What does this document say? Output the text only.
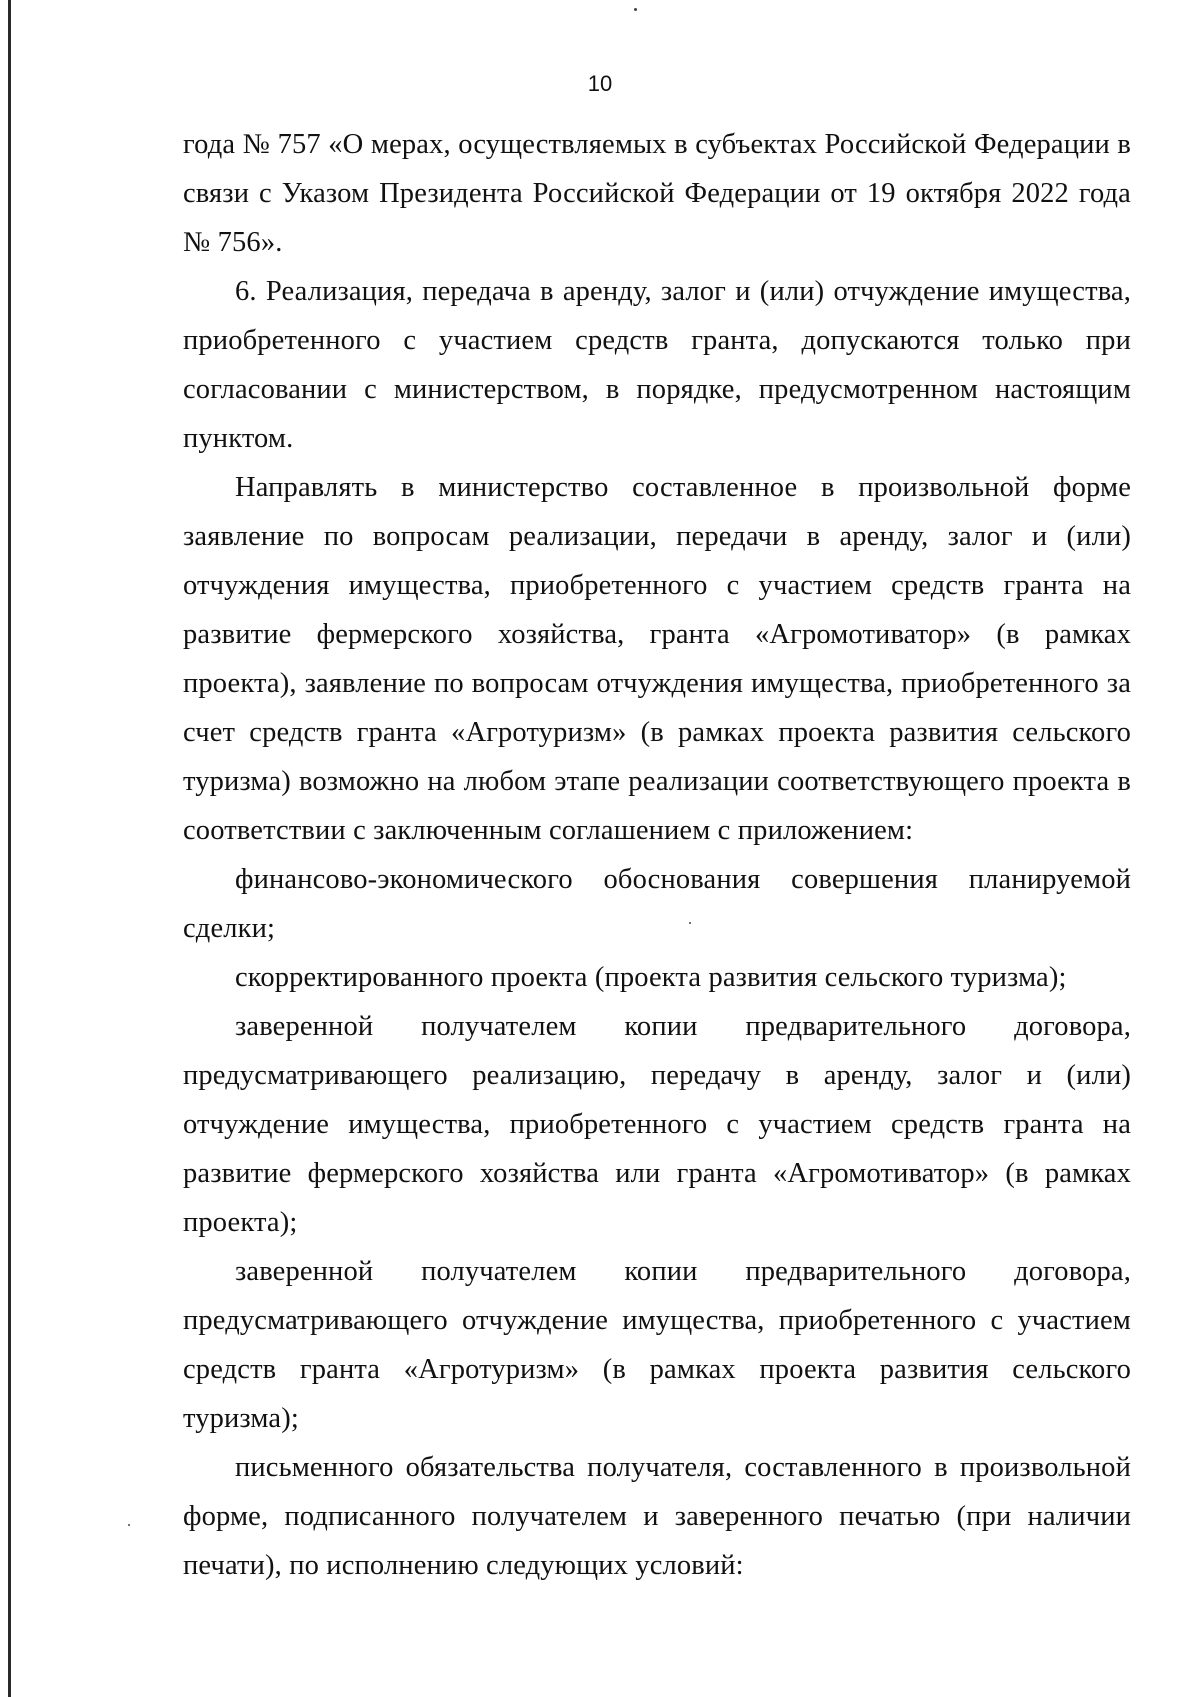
10

года № 757 «О мерах, осуществляемых в субъектах Российской Федерации в связи с Указом Президента Российской Федерации от 19 октября 2022 года № 756».

6. Реализация, передача в аренду, залог и (или) отчуждение имущества, приобретенного с участием средств гранта, допускаются только при согласовании с министерством, в порядке, предусмотренном настоящим пунктом.

Направлять в министерство составленное в произвольной форме заявление по вопросам реализации, передачи в аренду, залог и (или) отчуждения имущества, приобретенного с участием средств гранта на развитие фермерского хозяйства, гранта «Агромотиватор» (в рамках проекта), заявление по вопросам отчуждения имущества, приобретенного за счет средств гранта «Агротуризм» (в рамках проекта развития сельского туризма) возможно на любом этапе реализации соответствующего проекта в соответствии с заключенным соглашением с приложением:

финансово-экономического обоснования совершения планируемой сделки;

скорректированного проекта (проекта развития сельского туризма);

заверенной получателем копии предварительного договора, предусматривающего реализацию, передачу в аренду, залог и (или) отчуждение имущества, приобретенного с участием средств гранта на развитие фермерского хозяйства или гранта «Агромотиватор» (в рамках проекта);

заверенной получателем копии предварительного договора, предусматривающего отчуждение имущества, приобретенного с участием средств гранта «Агротуризм» (в рамках проекта развития сельского туризма);

письменного обязательства получателя, составленного в произвольной форме, подписанного получателем и заверенного печатью (при наличии печати), по исполнению следующих условий:
